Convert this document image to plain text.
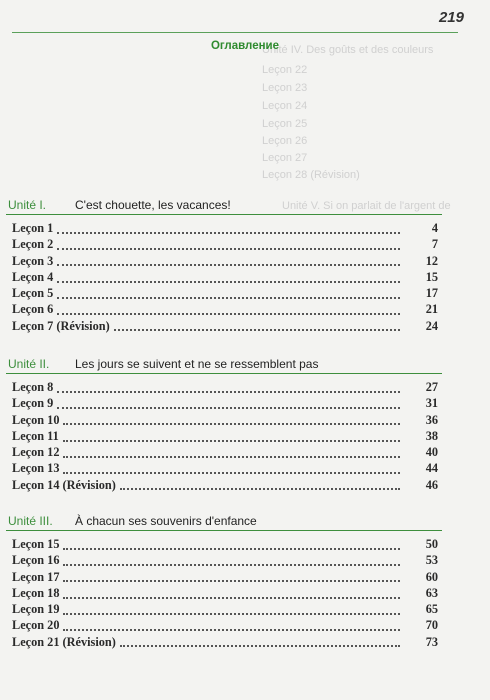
219
Unité IV. Des goûts et des couleurs
Leçon 22
Leçon 23
Leçon 24
Leçon 25
Leçon 26
Leçon 27
Leçon 28 (Révision)
Unité V. Si on parlait de l'argent de
Оглавление
Unité I. C'est chouette, les vacances!
Leçon 1	4
Leçon 2	7
Leçon 3	12
Leçon 4	15
Leçon 5	17
Leçon 6	21
Leçon 7 (Révision)	24
Unité II. Les jours se suivent et ne se ressemblent pas
Leçon 8	27
Leçon 9	31
Leçon 10	36
Leçon 11	38
Leçon 12	40
Leçon 13	44
Leçon 14 (Révision)	46
Unité III. À chacun ses souvenirs d'enfance
Leçon 15	50
Leçon 16	53
Leçon 17	60
Leçon 18	63
Leçon 19	65
Leçon 20	70
Leçon 21 (Révision)	73
